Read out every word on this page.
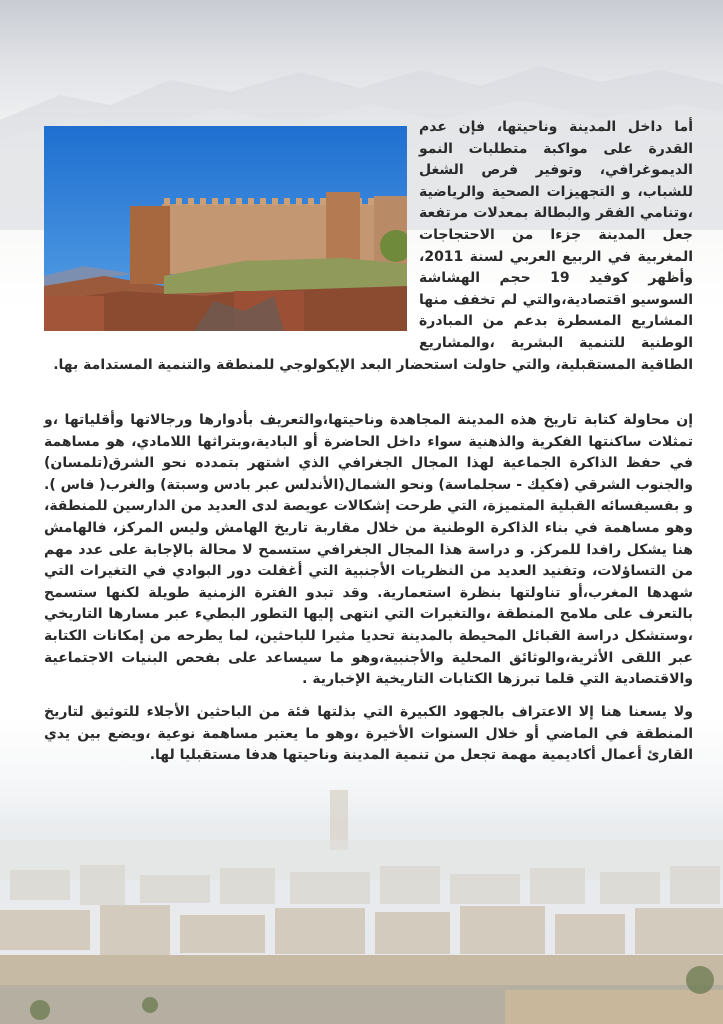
أما داخل المدينة وناحيتها، فإن عدم القدرة على مواكبة متطلبات النمو الديموغرافي، وتوفير فرص الشغل للشباب، و التجهيزات الصحية والرياضية ،وتنامي الفقر والبطالة بمعدلات مرتفعة جعل المدينة جزءا من الاحتجاجات المغربية في الربيع العربي لسنة 2011، وأظهر كوفيد 19 حجم الهشاشة السوسيو اقتصادية،والتي لم تخفف منها المشاريع المسطرة بدعم من المبادرة الوطنية للتنمية البشرية ،والمشاريع الطاقية المستقبلية، والتي حاولت استحضار البعد الإيكولوجي للمنطقة والتنمية المستدامة بها.

إن محاولة كتابة تاريخ هذه المدينة المجاهدة وناحيتها،والتعريف بأدوارها ورجالاتها وأقلياتها ،و تمثلات ساكنتها الفكرية والذهنية سواء داخل الحاضرة أو البادية،وبتراثها اللامادي، هو مساهمة في حفظ الذاكرة الجماعية لهذا المجال الجغرافي الذي اشتهر بتمدده نحو الشرق(تلمسان) والجنوب الشرقي (فكيك - سجلماسة) ونحو الشمال(الأندلس عبر بادس وسبتة) والغرب( فاس ). و بفسيفسائه القبلية المتميزة، التي طرحت إشكالات عويصة لدى العديد من الدارسين للمنطقة، وهو مساهمة في بناء الذاكرة الوطنية من خلال مقاربة تاريخ الهامش وليس المركز، فالهامش هنا يشكل رافدا للمركز. و دراسة هذا المجال الجغرافي ستسمح لا محالة بالإجابة على عدد مهم من التساؤلات، وتفنيد العديد من النظريات الأجنبية التي أغفلت دور البوادي في التغيرات التي شهدها المغرب،أو تناولتها بنظرة استعمارية. وقد تبدو الفترة الزمنية طويلة لكنها ستسمح بالتعرف على ملامح المنطقة ،والتغيرات التي انتهى إليها التطور البطيء عبر مسارها التاريخي ،وستشكل دراسة القبائل المحيطة بالمدينة تحديا مثيرا للباحثين، لما يطرحه من إمكانات الكتابة عبر اللقى الأثرية،والوثائق المحلية والأجنبية،وهو ما سيساعد على بفحص البنيات الاجتماعية والاقتصادية التي قلما تبرزها الكتابات التاريخية الإخبارية .

ولا يسعنا هنا إلا الاعتراف بالجهود الكبيرة التي بذلتها فئة من الباحثين الأجلاء للتوثيق لتاريخ المنطقة في الماضي أو خلال السنوات الأخيرة ،وهو ما يعتبر مساهمة نوعية ،ويضع بين يدي القارئ أعمال أكاديمية مهمة تجعل من تنمية المدينة وناحيتها هدفا مستقبليا لها.
